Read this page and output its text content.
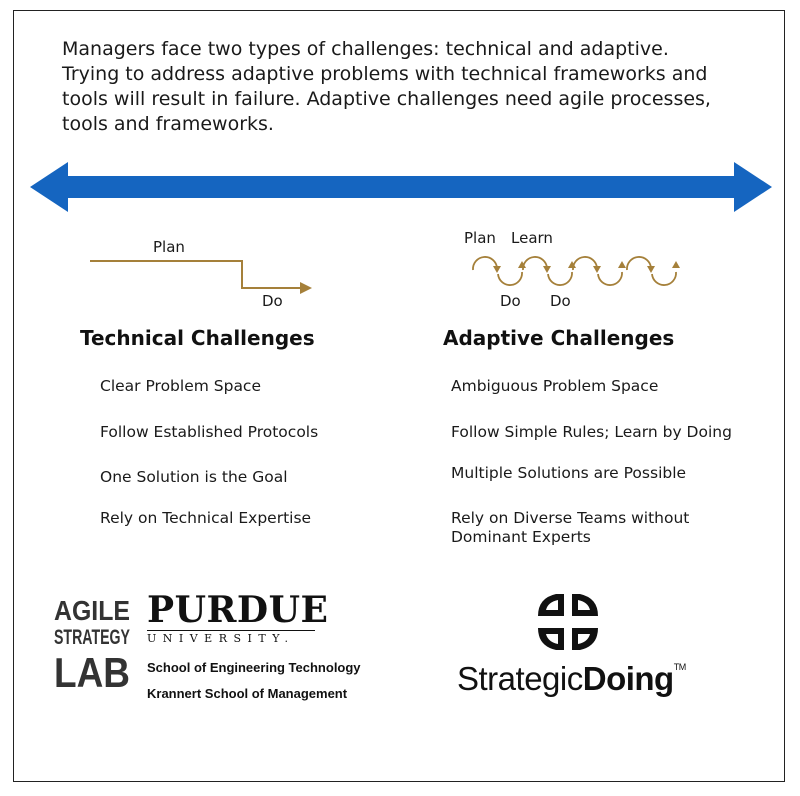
Managers face two types of challenges: technical and adaptive.
Trying to address adaptive problems with technical frameworks and
tools will result in failure. Adaptive challenges need agile processes,
tools and frameworks.
Plan
Do
Plan Learn
Do Do
Technical Challenges	Adaptive Challenges
Clear Problem Space
Follow Established Protocols
One Solution is the Goal
Rely on Technical Expertise
Ambiguous Problem Space
Follow Simple Rules; Learn by Doing
Multiple Solutions are Possible
Rely on Diverse Teams without
Dominant Experts
AGILE
STRATEGY
LAB
PURDUE
UNIVERSITY.
School of Engineering Technology
Krannert School of Management	StrategicDoing™
